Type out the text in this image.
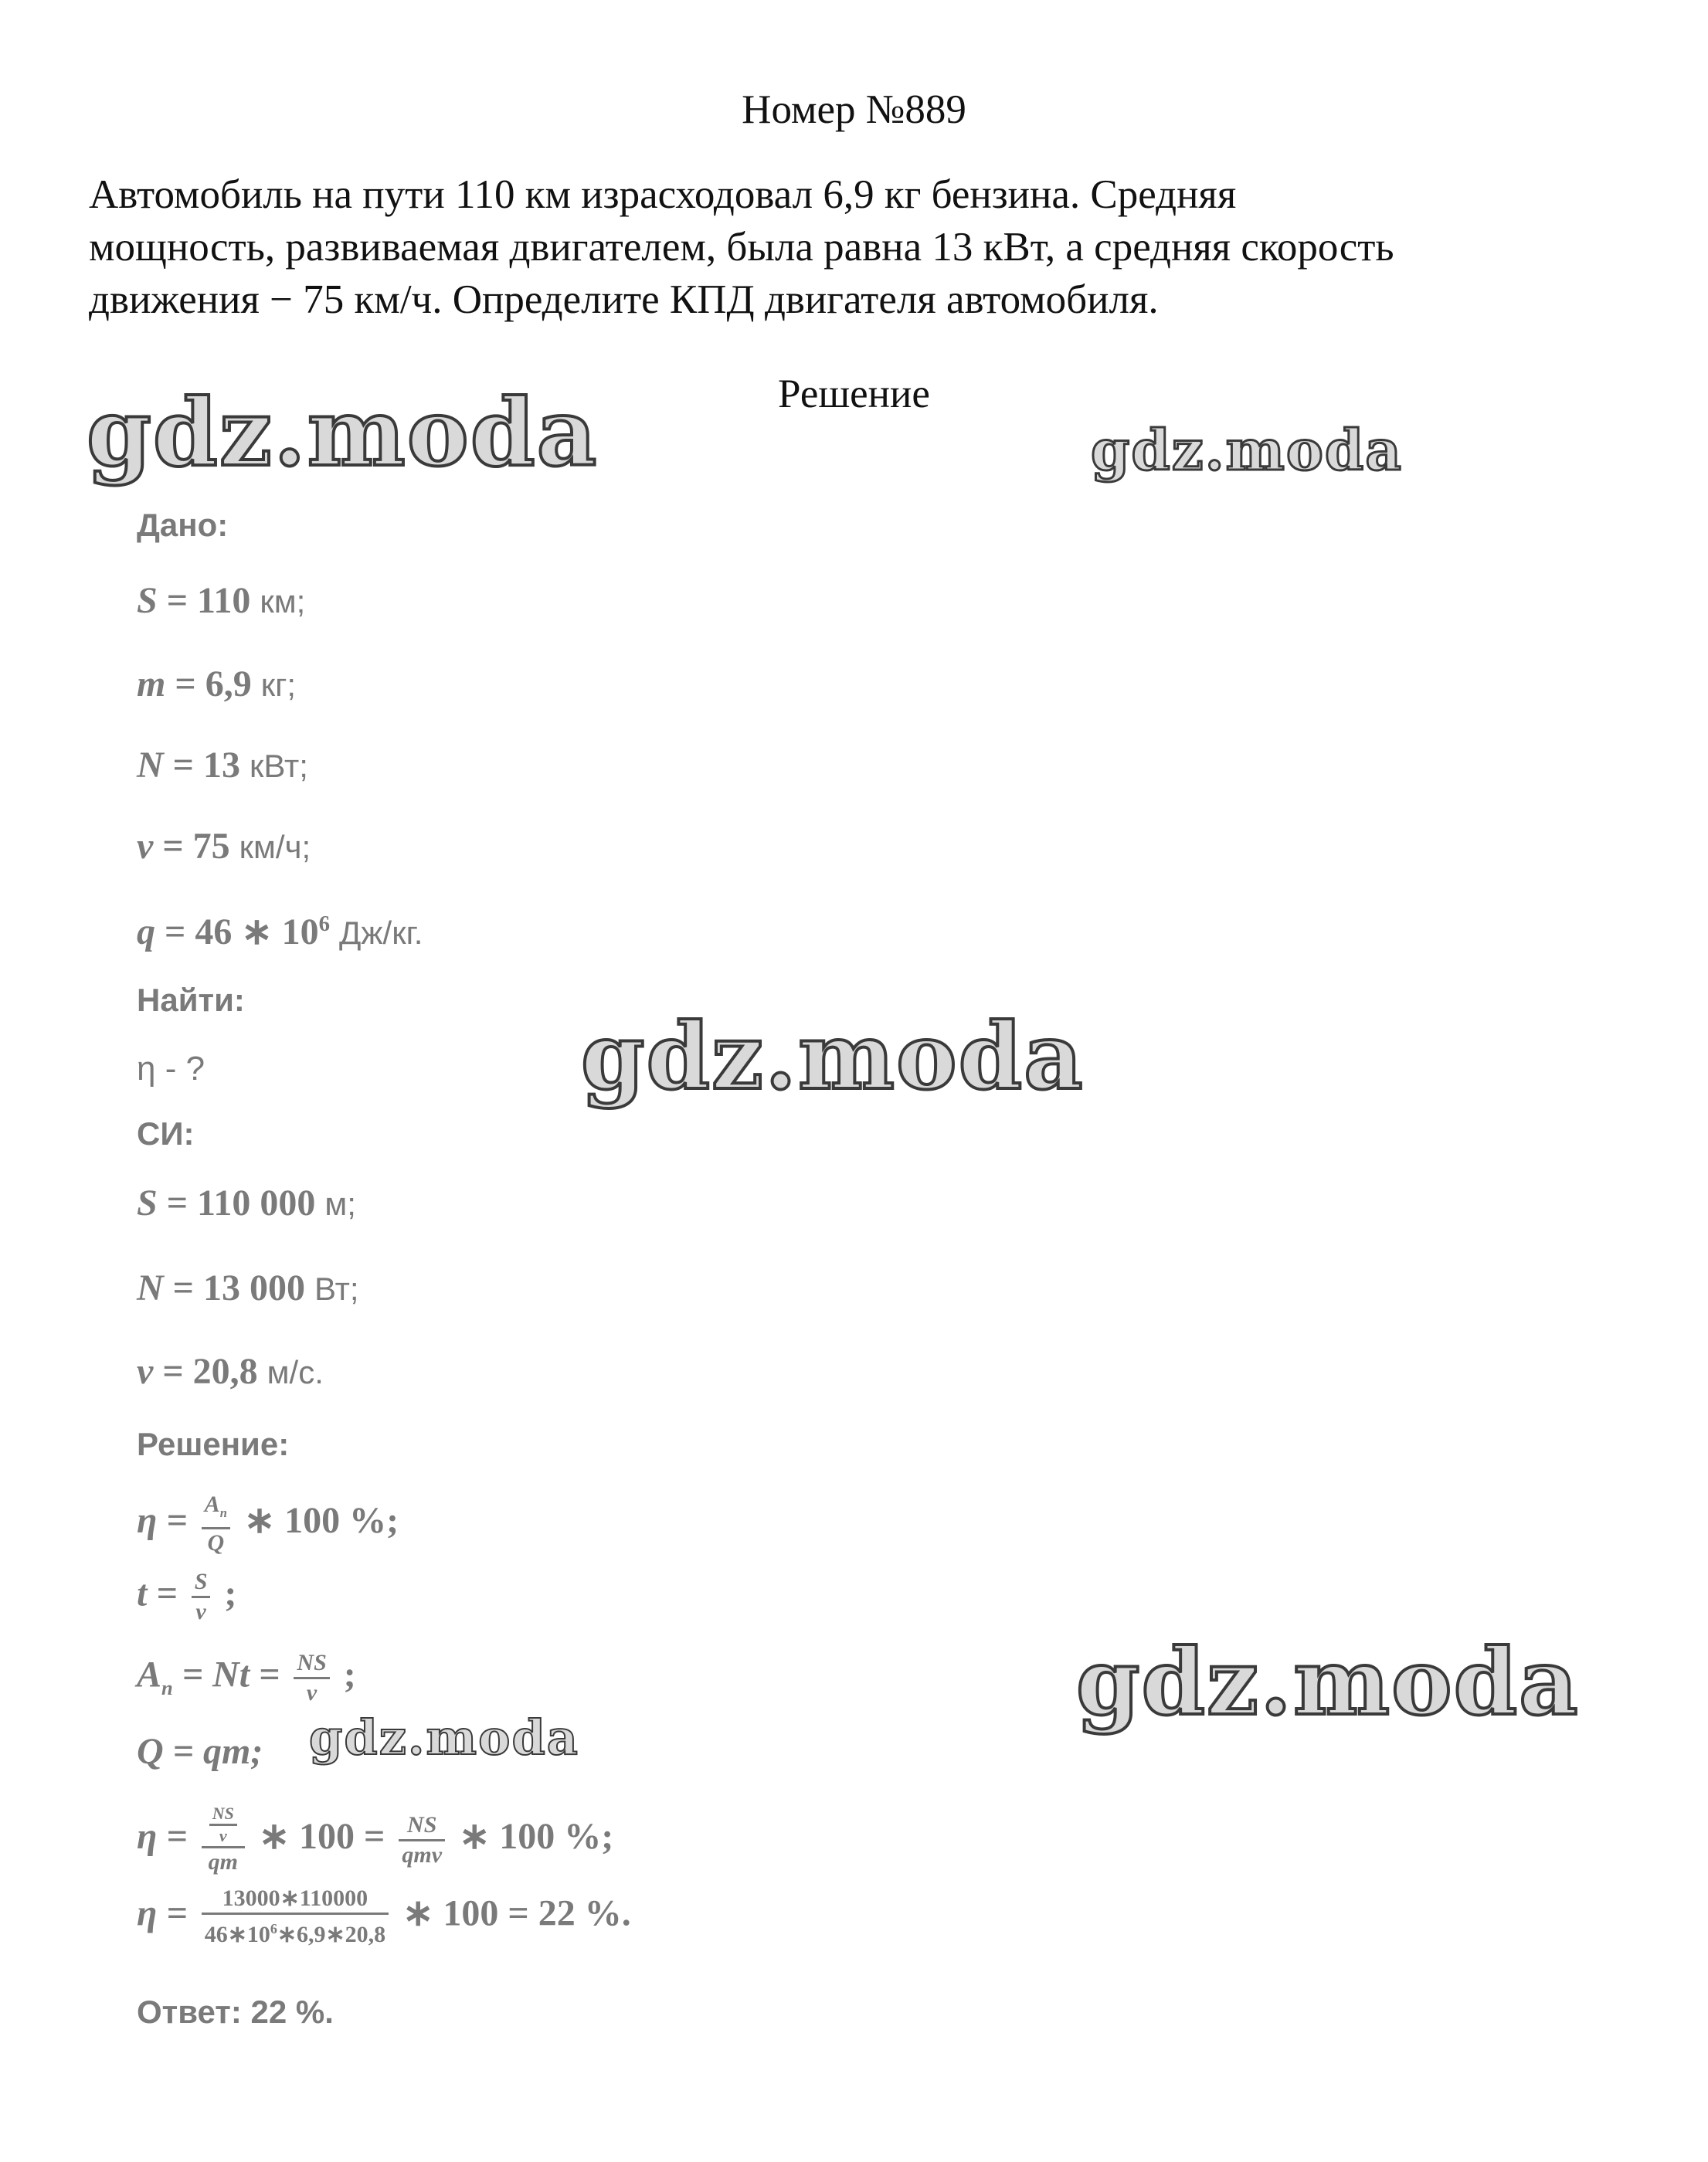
Номер №889
Автомобиль на пути 110 км израсходовал 6,9 кг бензина. Средняя
мощность, развиваемая двигателем, была равна 13 кВт, а средняя скорость
движения − 75 км/ч. Определите КПД двигателя автомобиля.
Решение
Дано:
S = 110 км;
m = 6,9 кг;
N = 13 кВт;
v = 75 км/ч;
q = 46 ∗ $10^6$ Дж/кг.
Найти:
η - ?
СИ:
S = 110 000 м;
N = 13 000 Вт;
v = 20,8 м/с.
Решение:
$\eta = \frac{A_п}{Q}$ ∗ 100 %;
$t = \frac{S}{v}$ ;
$A_п = Nt = \frac{NS}{v}$ ;
Q = qm;
$\eta = \frac{\frac{NS}{v}}{qm}$ ∗ $100 = \frac{NS}{\text{qmv}}$ ∗ 100 %;
$\eta = \frac{13000∗110000}{46∗10^6∗6,9∗20,8}$ ∗ 100 = 22 %.
Ответ: 22 %.
gdz.moda	gdz.moda
gdz.moda
gdz.moda
gdz.moda
